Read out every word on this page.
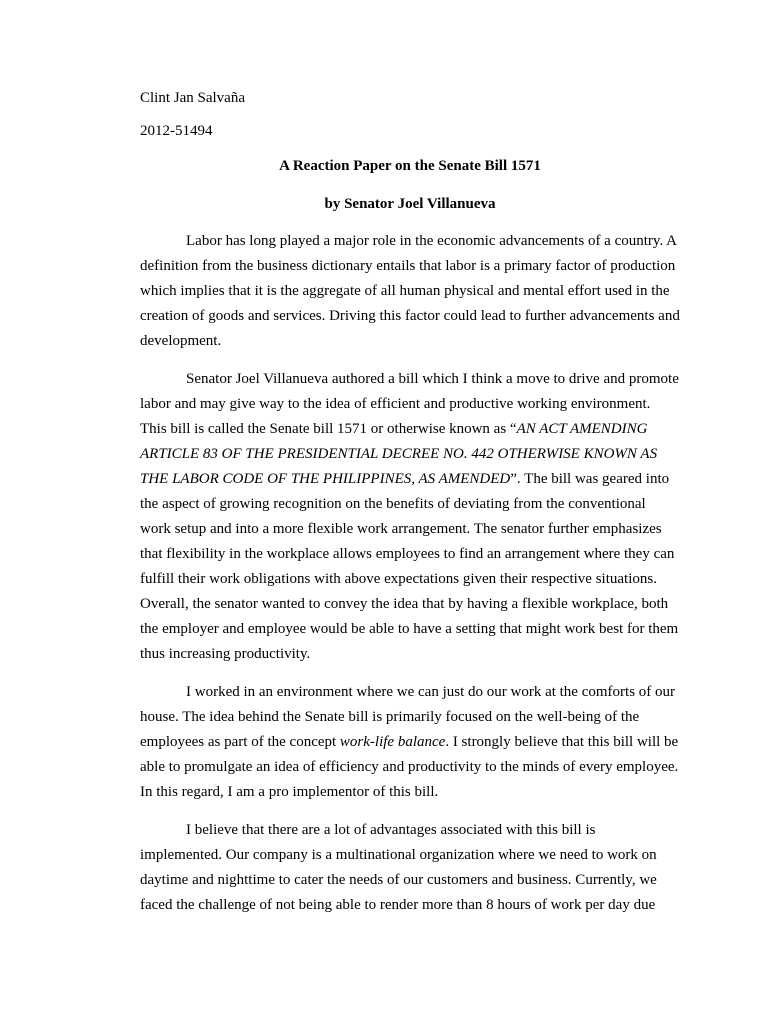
Clint Jan Salvaña

2012-51494

A Reaction Paper on the Senate Bill 1571

by Senator Joel Villanueva

Labor has long played a major role in the economic advancements of a country. A definition from the business dictionary entails that labor is a primary factor of production which implies that it is the aggregate of all human physical and mental effort used in the creation of goods and services. Driving this factor could lead to further advancements and development.

Senator Joel Villanueva authored a bill which I think a move to drive and promote labor and may give way to the idea of efficient and productive working environment. This bill is called the Senate bill 1571 or otherwise known as “AN ACT AMENDING ARTICLE 83 OF THE PRESIDENTIAL DECREE NO. 442 OTHERWISE KNOWN AS THE LABOR CODE OF THE PHILIPPINES, AS AMENDED”. The bill was geared into the aspect of growing recognition on the benefits of deviating from the conventional work setup and into a more flexible work arrangement. The senator further emphasizes that flexibility in the workplace allows employees to find an arrangement where they can fulfill their work obligations with above expectations given their respective situations. Overall, the senator wanted to convey the idea that by having a flexible workplace, both the employer and employee would be able to have a setting that might work best for them thus increasing productivity.

I worked in an environment where we can just do our work at the comforts of our house. The idea behind the Senate bill is primarily focused on the well-being of the employees as part of the concept work-life balance. I strongly believe that this bill will be able to promulgate an idea of efficiency and productivity to the minds of every employee. In this regard, I am a pro implementor of this bill.

I believe that there are a lot of advantages associated with this bill is implemented. Our company is a multinational organization where we need to work on daytime and nighttime to cater the needs of our customers and business. Currently, we faced the challenge of not being able to render more than 8 hours of work per day due
